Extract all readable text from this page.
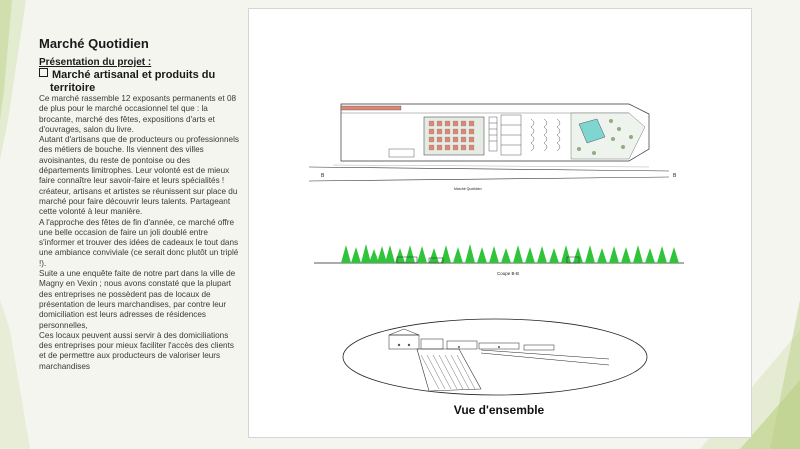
Marché Quotidien
Présentation du projet :
Marché artisanal et produits du
territoire

Ce marché rassemble 12 exposants permanents et 08 de plus pour le marché occasionnel tel que : la brocante, marché des fêtes, expositions d'arts et d'ouvrages, salon du livre.

Autant d'artisans que de producteurs ou professionnels des métiers de bouche. Ils viennent des villes avoisinantes, du reste de pontoise ou des départements limitrophes. Leur volonté est de mieux faire connaître leur savoir-faire et leurs spécialités ! créateur, artisans et artistes se réunissent sur place du marché pour faire découvrir leurs talents. Partageant cette volonté à leur manière.

A l'approche des fêtes de fin d'année, ce marché offre une belle occasion de faire un joli doublé entre s'informer et trouver des idées de cadeaux le tout dans une ambiance conviviale (ce serait donc plutôt un triplé !).

Suite a une enquête faite de notre part dans la ville de Magny en Vexin ; nous avons constaté que la plupart des entreprises ne possèdent pas de locaux de présentation de leurs marchandises, par contre leur domiciliation est leurs adresses de résidences personnelles,

Ces locaux peuvent aussi servir à des domiciliations des entreprises pour mieux faciliter l'accès des clients et de permettre aux producteurs de valoriser leurs marchandises

B	B
Marché Quotidien
Coupe B-B
Vue d'ensemble
